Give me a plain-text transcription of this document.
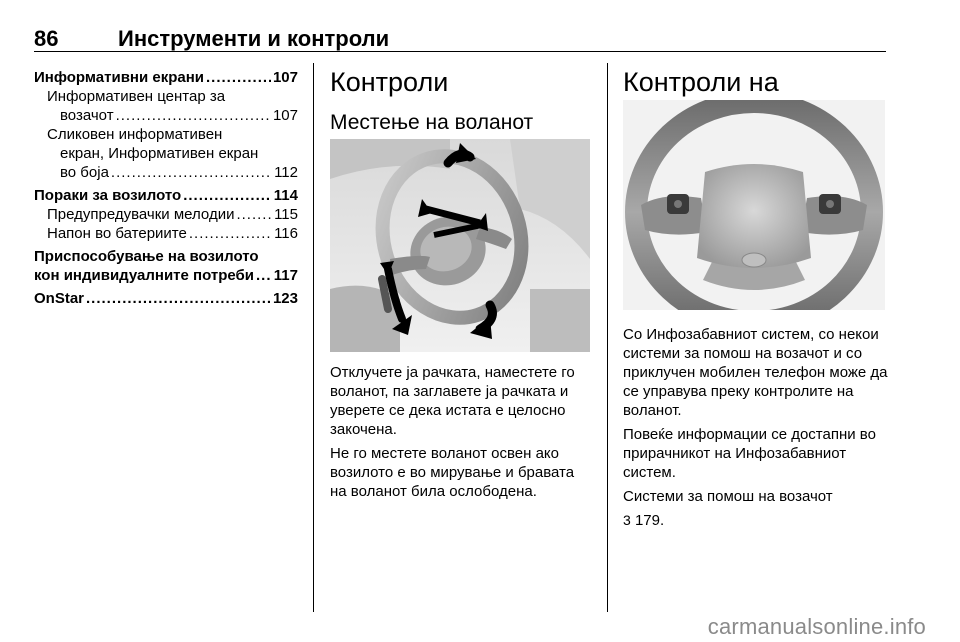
86	Инструменти и контроли
Информативни екрани .....	107
Информативен центар за
возачот .....	107
Сликовен информативен
екран, Информативен екран
во боја .....	112
Пораки за возилото .....	114
Предупредувачки мелодии .....	115
Напон во батериите .....	116
Приспособување на возилото
кон индивидуалните потреби ..... 117
OnStar .....	123
Контроли
Местење на воланот

Отклучете ја рачката, наместете го воланот, па заглавете ја рачката и уверете се дека истата е целосно закочена.

Не го местете воланот освен ако возилото е во мирување и бравата на воланот била ослободена.

Контроли на

Со Инфозабавниот систем, со некои системи за помош на возачот и со приклучен мобилен телефон може да се управува преку контролите на воланот.

Повеќе информации се достапни во прирачникот на Инфозабавниот систем.

Системи за помош на возачот

3 179.

carmanualsonline.info
